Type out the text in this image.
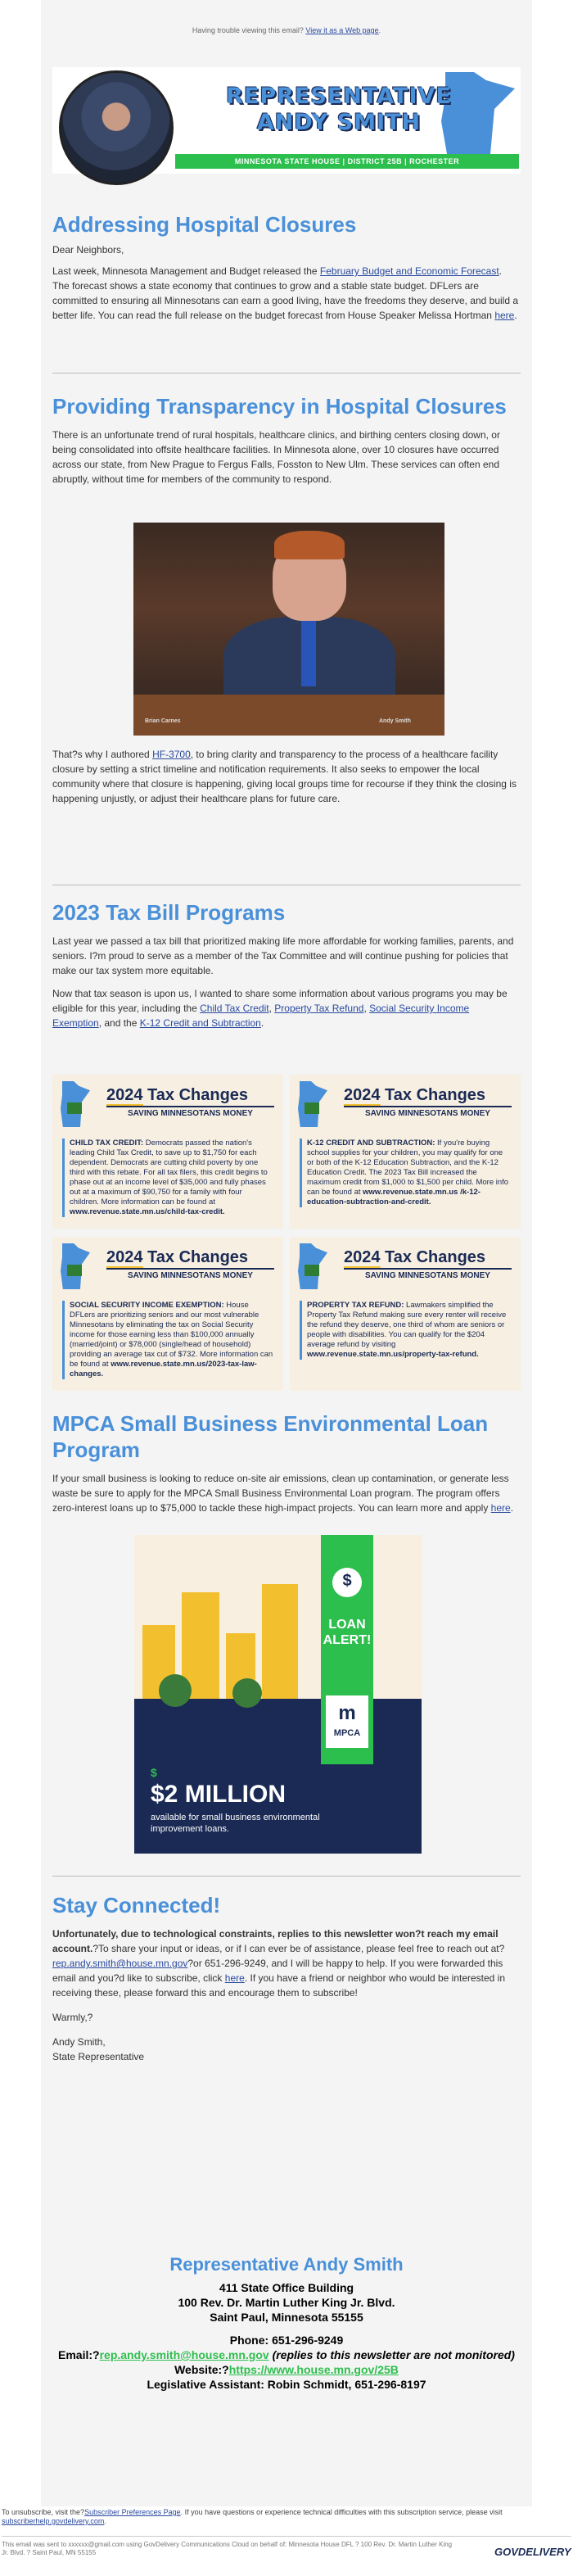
Having trouble viewing this email? View it as a Web page.
REPRESENTATIVE
ANDY SMITH
MINNESOTA STATE HOUSE | DISTRICT 25B | ROCHESTER
Addressing Hospital Closures

Dear Neighbors,

Last week, Minnesota Management and Budget released the February Budget and Economic Forecast. The forecast shows a state economy that continues to grow and a stable state budget. DFLers are committed to ensuring all Minnesotans can earn a good living, have the freedoms they deserve, and build a better life. You can read the full release on the budget forecast from House Speaker Melissa Hortman here.

Providing Transparency in Hospital Closures

There is an unfortunate trend of rural hospitals, healthcare clinics, and birthing centers closing down, or being consolidated into offsite healthcare facilities. In Minnesota alone, over 10 closures have occurred across our state, from New Prague to Fergus Falls, Fosston to New Ulm. These services can often end abruptly, without time for members of the community to respond.

Brian Carnes	Andy Smith

That?s why I authored HF-3700, to bring clarity and transparency to the process of a healthcare facility closure by setting a strict timeline and notification requirements. It also seeks to empower the local community where that closure is happening, giving local groups time for recourse if they think the closing is happening unjustly, or adjust their healthcare plans for future care.

2023 Tax Bill Programs

Last year we passed a tax bill that prioritized making life more affordable for working families, parents, and seniors. I?m proud to serve as a member of the Tax Committee and will continue pushing for policies that make our tax system more equitable.

Now that tax season is upon us, I wanted to share some information about various programs you may be eligible for this year, including the Child Tax Credit, Property Tax Refund, Social Security Income Exemption, and the K-12 Credit and Subtraction.

2024 Tax Changes
SAVING MINNESOTANS MONEY
CHILD TAX CREDIT: Democrats passed the nation's leading Child Tax Credit, to save up to $1,750 for each dependent. Democrats are cutting child poverty by one third with this rebate. For all tax filers, this credit begins to phase out at an income level of $35,000 and fully phases out at a maximum of $90,750 for a family with four children. More information can be found at www.revenue.state.mn.us/child-tax-credit.
2024 Tax Changes
SAVING MINNESOTANS MONEY
K-12 CREDIT AND SUBTRACTION: If you're buying school supplies for your children, you may qualify for one or both of the K-12 Education Subtraction, and the K-12 Education Credit. The 2023 Tax Bill increased the maximum credit from $1,000 to $1,500 per child. More info can be found at www.revenue.state.mn.us /k-12-education-subtraction-and-credit.
2024 Tax Changes
SAVING MINNESOTANS MONEY
SOCIAL SECURITY INCOME EXEMPTION: House DFLers are prioritizing seniors and our most vulnerable Minnesotans by eliminating the tax on Social Security income for those earning less than $100,000 annually (married/joint) or $78,000 (single/head of household) providing an average tax cut of $732. More information can be found at www.revenue.state.mn.us/2023-tax-law-changes.
2024 Tax Changes
SAVING MINNESOTANS MONEY
PROPERTY TAX REFUND: Lawmakers simplified the Property Tax Refund making sure every renter will receive the refund they deserve, one third of whom are seniors or people with disabilities. You can qualify for the $204 average refund by visiting www.revenue.state.mn.us/property-tax-refund.
MPCA Small Business Environmental Loan Program

If your small business is looking to reduce on-site air emissions, clean up contamination, or generate less waste be sure to apply for the MPCA Small Business Environmental Loan program. The program offers zero-interest loans up to $75,000 to tackle these high-impact projects. You can learn more and apply here.

$
LOAN
ALERT!
m
MPCA
$
$2 MILLION
available for small business environmental improvement loans.
Stay Connected!

Unfortunately, due to technological constraints, replies to this newsletter won?t reach my email account.?To share your input or ideas, or if I can ever be of assistance, please feel free to reach out at?rep.andy.smith@house.mn.gov?or 651-296-9249, and I will be happy to help. If you were forwarded this email and you?d like to subscribe, click here. If you have a friend or neighbor who would be interested in receiving these, please forward this and encourage them to subscribe!

Warmly,?

Andy Smith,

State Representative

Representative Andy Smith
411 State Office Building
100 Rev. Dr. Martin Luther King Jr. Blvd.
Saint Paul, Minnesota 55155
Phone: 651-296-9249
Email:?rep.andy.smith@house.mn.gov (replies to this newsletter are not monitored)
Website:?https://www.house.mn.gov/25B
Legislative Assistant: Robin Schmidt, 651-296-8197
To unsubscribe, visit the?Subscriber Preferences Page. If you have questions or experience technical difficulties with this subscription service, please visit subscriberhelp.govdelivery.com.
This email was sent to xxxxxx@gmail.com using GovDelivery Communications Cloud on behalf of: Minnesota House DFL ? 100 Rev. Dr. Martin Luther King Jr. Blvd. ? Saint Paul, MN 55155	GOVDELIVERY
